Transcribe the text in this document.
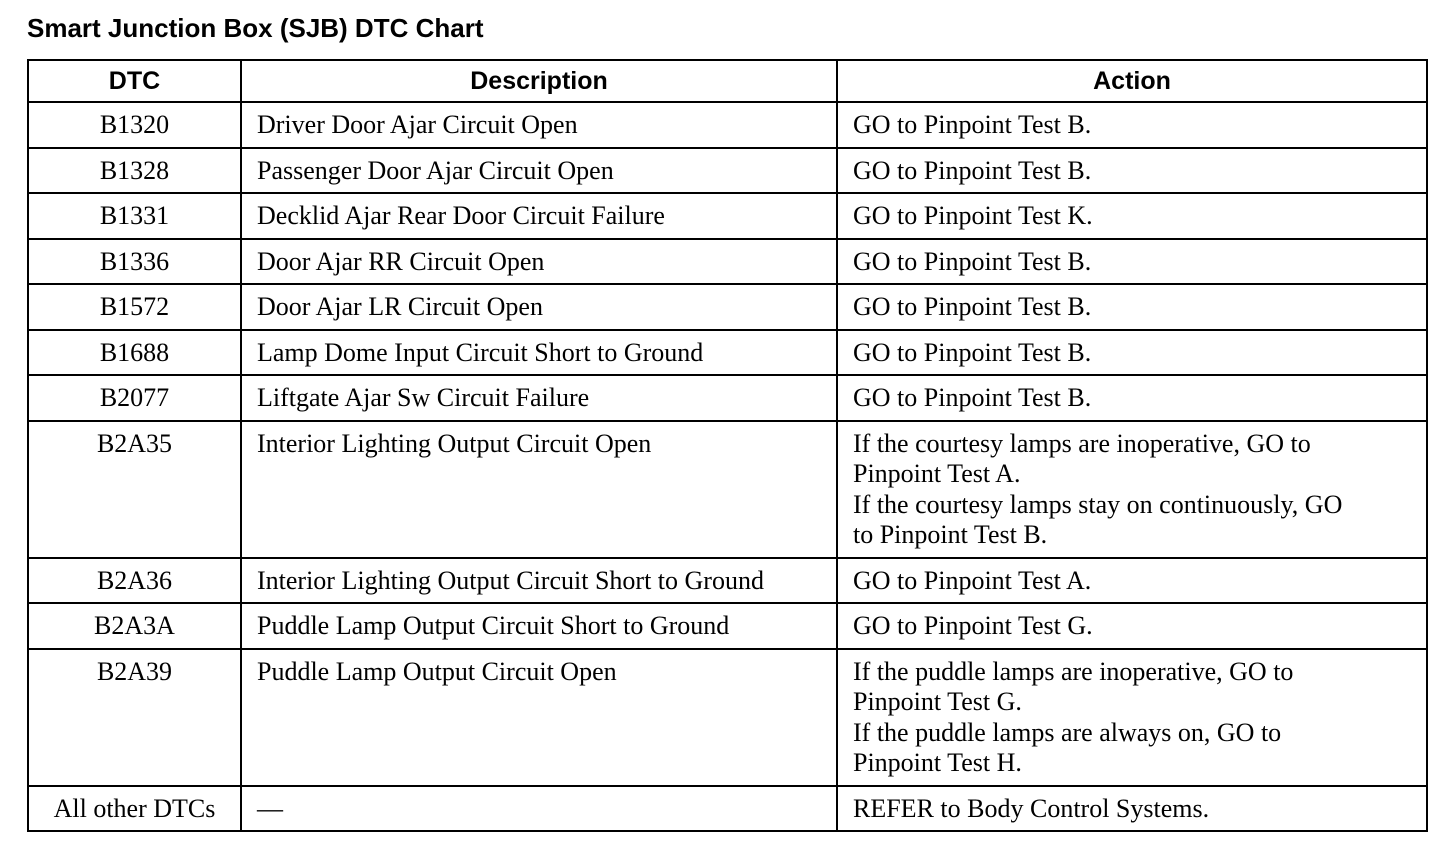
Smart Junction Box (SJB) DTC Chart
DTC	Description	Action
B1320	Driver Door Ajar Circuit Open	GO to Pinpoint Test B.

B1328	Passenger Door Ajar Circuit Open	GO to Pinpoint Test B.

B1331	Decklid Ajar Rear Door Circuit Failure	GO to Pinpoint Test K.

B1336	Door Ajar RR Circuit Open	GO to Pinpoint Test B.

B1572	Door Ajar LR Circuit Open	GO to Pinpoint Test B.

B1688	Lamp Dome Input Circuit Short to Ground	GO to Pinpoint Test B.

B2077	Liftgate Ajar Sw Circuit Failure	GO to Pinpoint Test B.

B2A35	Interior Lighting Output Circuit Open	If the courtesy lamps are inoperative, GO to
Pinpoint Test A.
If the courtesy lamps stay on continuously, GO
to Pinpoint Test B.

B2A36	Interior Lighting Output Circuit Short to Ground	GO to Pinpoint Test A.

B2A3A	Puddle Lamp Output Circuit Short to Ground	GO to Pinpoint Test G.

B2A39	Puddle Lamp Output Circuit Open	If the puddle lamps are inoperative, GO to
Pinpoint Test G.
If the puddle lamps are always on, GO to
Pinpoint Test H.

All other DTCs	—	REFER to Body Control Systems.
